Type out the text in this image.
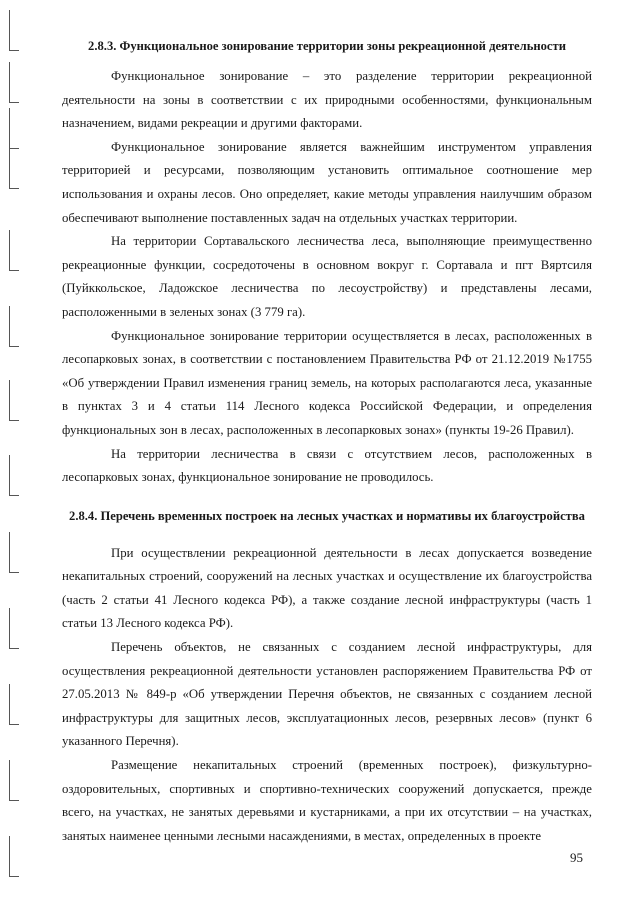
2.8.3. Функциональное зонирование территории зоны рекреационной деятельности

Функциональное зонирование – это разделение территории рекреационной деятельности на зоны в соответствии с их природными особенностями, функциональным назначением, видами рекреации и другими факторами.

Функциональное зонирование является важнейшим инструментом управления территорией и ресурсами, позволяющим установить оптимальное соотношение мер использования и охраны лесов. Оно определяет, какие методы управления наилучшим образом обеспечивают выполнение поставленных задач на отдельных участках территории.

На территории Сортавальского лесничества леса, выполняющие преимущественно рекреационные функции, сосредоточены в основном вокруг г. Сортавала и пгт Вяртсиля (Пуйккольское, Ладожское лесничества по лесоустройству) и представлены лесами, расположенными в зеленых зонах (3 779 га).

Функциональное зонирование территории осуществляется в лесах, расположенных в лесопарковых зонах, в соответствии с постановлением Правительства РФ от 21.12.2019 №1755 «Об утверждении Правил изменения границ земель, на которых располагаются леса, указанные в пунктах 3 и 4 статьи 114 Лесного кодекса Российской Федерации, и определения функциональных зон в лесах, расположенных в лесопарковых зонах» (пункты 19-26 Правил).

На территории лесничества в связи с отсутствием лесов, расположенных в лесопарковых зонах, функциональное зонирование не проводилось.

2.8.4. Перечень временных построек на лесных участках и нормативы их благоустройства

При осуществлении рекреационной деятельности в лесах допускается возведение некапитальных строений, сооружений на лесных участках и осуществление их благоустройства (часть 2 статьи 41 Лесного кодекса РФ), а также создание лесной инфраструктуры (часть 1 статьи 13 Лесного кодекса РФ).

Перечень объектов, не связанных с созданием лесной инфраструктуры, для осуществления рекреационной деятельности установлен распоряжением Правительства РФ от 27.05.2013 № 849-р «Об утверждении Перечня объектов, не связанных с созданием лесной инфраструктуры для защитных лесов, эксплуатационных лесов, резервных лесов» (пункт 6 указанного Перечня).

Размещение некапитальных строений (временных построек), физкультурно-оздоровительных, спортивных и спортивно-технических сооружений допускается, прежде всего, на участках, не занятых деревьями и кустарниками, а при их отсутствии – на участках, занятых наименее ценными лесными насаждениями, в местах, определенных в проекте

95
